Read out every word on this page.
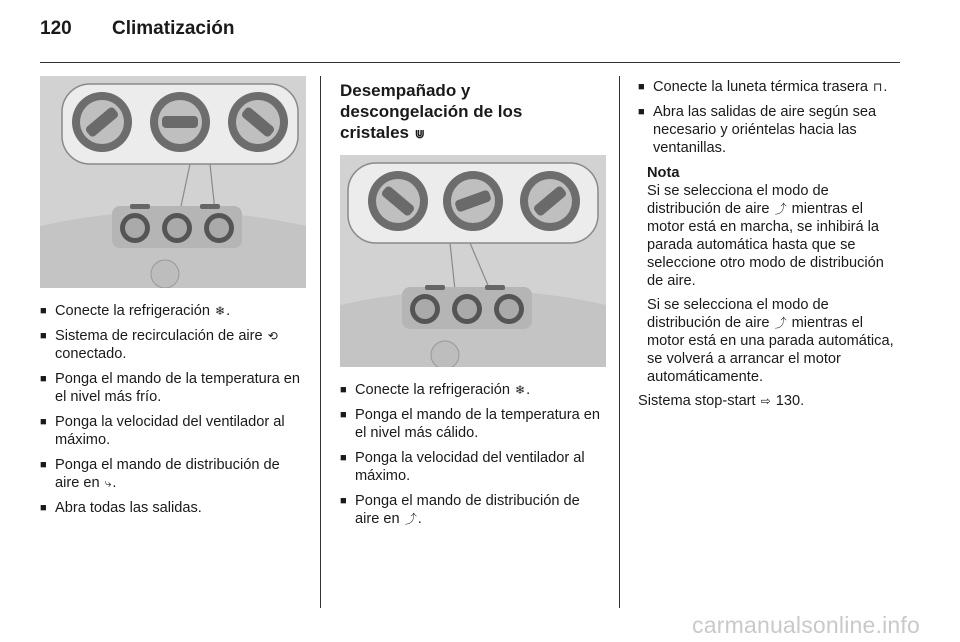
120	Climatización
■ Conecte la refrigeración ❄.
■ Sistema de recirculación de aire ⟲ conectado.
■ Ponga el mando de la temperatura en el nivel más frío.
■ Ponga la velocidad del ventilador al máximo.
■ Ponga el mando de distribución de aire en ⤷.
■ Abra todas las salidas.
Desempañado y
descongelación de los
cristales ⋓
■ Conecte la refrigeración ❄.
■ Ponga el mando de la temperatura en el nivel más cálido.
■ Ponga la velocidad del ventilador al máximo.
■ Ponga el mando de distribución de aire en ⤴.
■ Conecte la luneta térmica trasera ⊓.
■ Abra las salidas de aire según sea necesario y oriéntelas hacia las ventanillas.
Nota

Si se selecciona el modo de distribución de aire ⤴ mientras el motor está en marcha, se inhibirá la parada automática hasta que se seleccione otro modo de distribución de aire.

Si se selecciona el modo de distribución de aire ⤴ mientras el motor está en una parada automática, se volverá a arrancar el motor automáticamente.

Sistema stop-start ⇨ 130.
carmanualsonline.info
